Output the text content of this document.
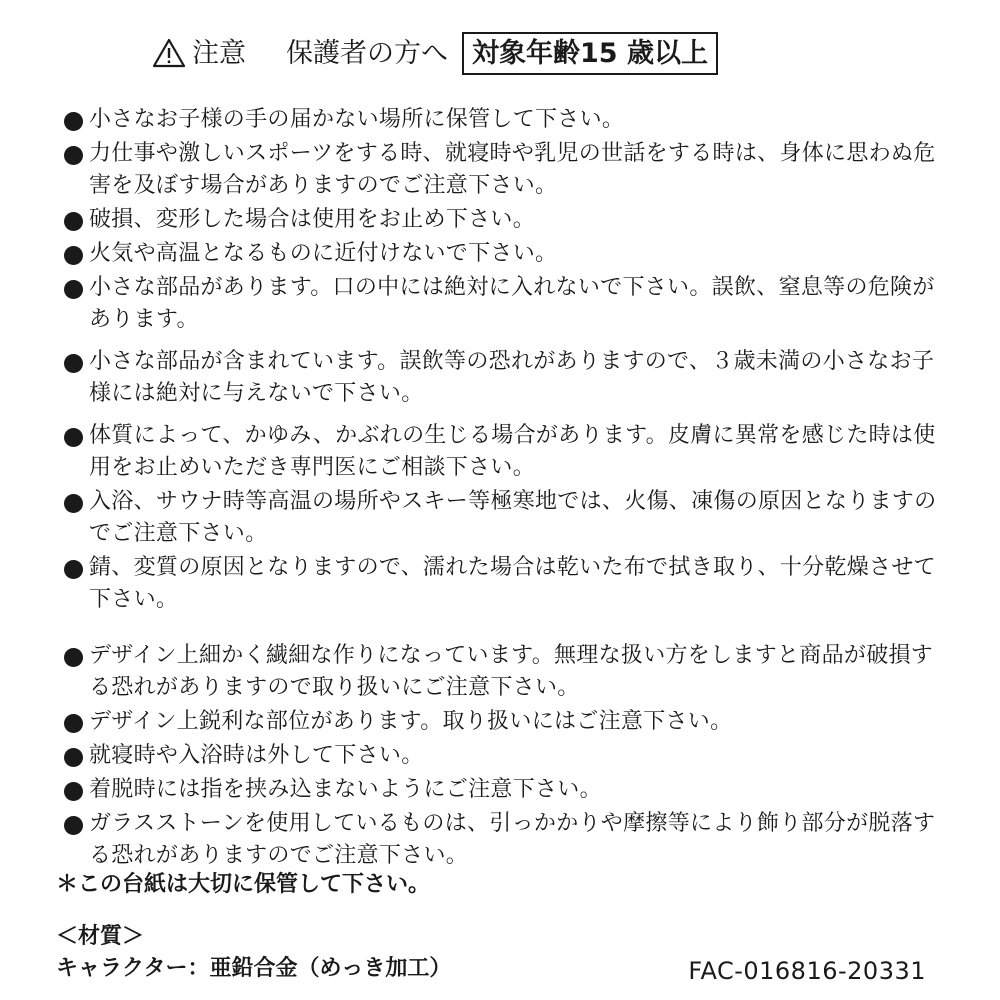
注意 保護者の方へ 対象年齢15 歳以上
小さなお子様の手の届かない場所に保管して下さい。
力仕事や激しいスポーツをする時、就寝時や乳児の世話をする時は、身体に思わぬ危害を及ぼす場合がありますのでご注意下さい。
破損、変形した場合は使用をお止め下さい。
火気や高温となるものに近付けないで下さい。
小さな部品があります。口の中には絶対に入れないで下さい。誤飲、窒息等の危険があります。
小さな部品が含まれています。誤飲等の恐れがありますので、３歳未満の小さなお子様には絶対に与えないで下さい。
体質によって、かゆみ、かぶれの生じる場合があります。皮膚に異常を感じた時は使用をお止めいただき専門医にご相談下さい。
入浴、サウナ時等高温の場所やスキー等極寒地では、火傷、凍傷の原因となりますのでご注意下さい。
錆、変質の原因となりますので、濡れた場合は乾いた布で拭き取り、十分乾燥させて下さい。
デザイン上細かく繊細な作りになっています。無理な扱い方をしますと商品が破損する恐れがありますので取り扱いにご注意下さい。
デザイン上鋭利な部位があります。取り扱いにはご注意下さい。
就寝時や入浴時は外して下さい。
着脱時には指を挟み込まないようにご注意下さい。
ガラスストーンを使用しているものは、引っかかりや摩擦等により飾り部分が脱落する恐れがありますのでご注意下さい。
＊この台紙は大切に保管して下さい。
＜材質＞
キャラクター：亜鉛合金（めっき加工）	FAC-016816-20331
